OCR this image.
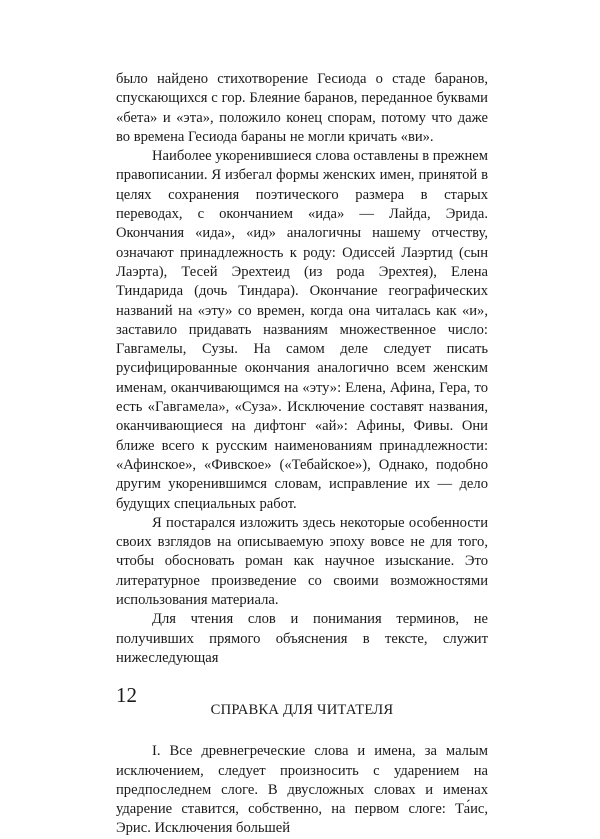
было найдено стихотворение Гесиода о стаде баранов, спускающихся с гор. Блеяние баранов, переданное буквами «бета» и «эта», положило конец спорам, потому что даже во времена Гесиода бараны не могли кричать «ви».

Наиболее укоренившиеся слова оставлены в прежнем правописании. Я избегал формы женских имен, принятой в целях сохранения поэтического размера в старых переводах, с окончанием «ида» — Лайда, Эрида. Окончания «ида», «ид» аналогичны нашему отчеству, означают принадлежность к роду: Одиссей Лаэртид (сын Лаэрта), Тесей Эрехтеид (из рода Эрехтея), Елена Тиндарида (дочь Тиндара). Окончание географических названий на «эту» со времен, когда она читалась как «и», заставило придавать названиям множественное число: Гавгамелы, Сузы. На самом деле следует писать русифицированные окончания аналогично всем женским именам, оканчивающимся на «эту»: Елена, Афина, Гера, то есть «Гавгамела», «Суза». Исключение составят названия, оканчивающиеся на дифтонг «ай»: Афины, Фивы. Они ближе всего к русским наименованиям принадлежности: «Афинское», «Фивское» («Тебайское»), Однако, подобно другим укоренившимся словам, исправление их — дело будущих специальных работ.

Я постарался изложить здесь некоторые особенности своих взглядов на описываемую эпоху вовсе не для того, чтобы обосновать роман как научное изыскание. Это литературное произведение со своими возможностями использования материала.

Для чтения слов и понимания терминов, не получивших прямого объяснения в тексте, служит нижеследующая

СПРАВКА ДЛЯ ЧИТАТЕЛЯ

I. Все древнегреческие слова и имена, за малым исключением, следует произносить с ударением на предпоследнем слоге. В двусложных словах и именах ударение ставится, собственно, на первом слоге: Та́ис, Эрис. Исключения большей

12
